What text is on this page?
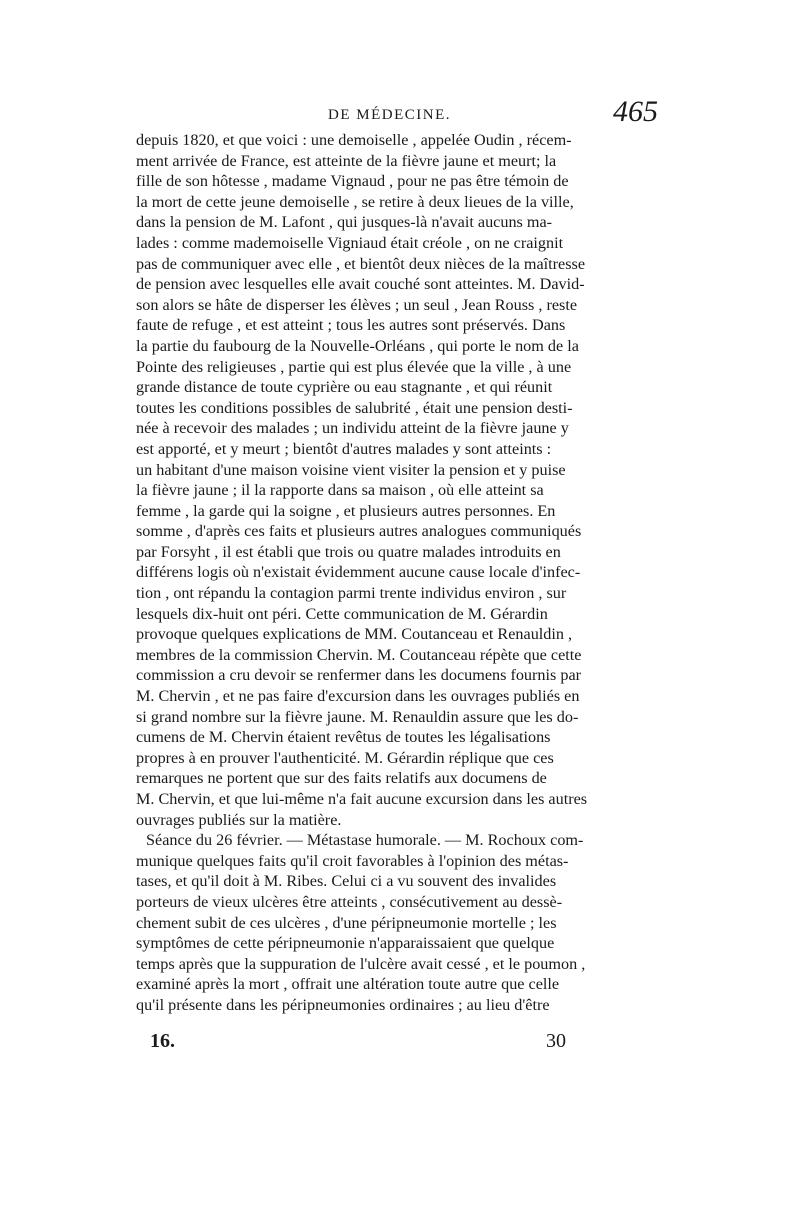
DE MÉDECINE.	465
depuis 1820, et que voici : une demoiselle , appelée Oudin , récem-
ment arrivée de France, est atteinte de la fièvre jaune et meurt; la
fille de son hôtesse , madame Vignaud , pour ne pas être témoin de
la mort de cette jeune demoiselle , se retire à deux lieues de la ville,
dans la pension de M. Lafont , qui jusques-là n'avait aucuns ma-
lades : comme mademoiselle Vigniaud était créole , on ne craignit
pas de communiquer avec elle , et bientôt deux nièces de la maîtresse
de pension avec lesquelles elle avait couché sont atteintes. M. David-
son alors se hâte de disperser les élèves ; un seul , Jean Rouss , reste
faute de refuge , et est atteint ; tous les autres sont préservés. Dans
la partie du faubourg de la Nouvelle-Orléans , qui porte le nom de la
Pointe des religieuses , partie qui est plus élevée que la ville , à une
grande distance de toute cyprière ou eau stagnante , et qui réunit
toutes les conditions possibles de salubrité , était une pension desti-
née à recevoir des malades ; un individu atteint de la fièvre jaune y
est apporté, et y meurt ; bientôt d'autres malades y sont atteints :
un habitant d'une maison voisine vient visiter la pension et y puise
la fièvre jaune ; il la rapporte dans sa maison , où elle atteint sa
femme , la garde qui la soigne , et plusieurs autres personnes. En
somme , d'après ces faits et plusieurs autres analogues communiqués
par Forsyht , il est établi que trois ou quatre malades introduits en
différens logis où n'existait évidemment aucune cause locale d'infec-
tion , ont répandu la contagion parmi trente individus environ , sur
lesquels dix-huit ont péri. Cette communication de M. Gérardin
provoque quelques explications de MM. Coutanceau et Renauldin ,
membres de la commission Chervin. M. Coutanceau répète que cette
commission a cru devoir se renfermer dans les documens fournis par
M. Chervin , et ne pas faire d'excursion dans les ouvrages publiés en
si grand nombre sur la fièvre jaune. M. Renauldin assure que les do-
cumens de M. Chervin étaient revêtus de toutes les légalisations
propres à en prouver l'authenticité. M. Gérardin réplique que ces
remarques ne portent que sur des faits relatifs aux documens de
M. Chervin, et que lui-même n'a fait aucune excursion dans les autres
ouvrages publiés sur la matière.
Séance du 26 février. — Métastase humorale. — M. Rochoux com-
munique quelques faits qu'il croit favorables à l'opinion des métas-
tases, et qu'il doit à M. Ribes. Celui ci a vu souvent des invalides
porteurs de vieux ulcères être atteints , consécutivement au dessè-
chement subit de ces ulcères , d'une péripneumonie mortelle ; les
symptômes de cette péripneumonie n'apparaissaient que quelque
temps après que la suppuration de l'ulcère avait cessé , et le poumon ,
examiné après la mort , offrait une altération toute autre que celle
qu'il présente dans les péripneumonies ordinaires ; au lieu d'être
16.	30
